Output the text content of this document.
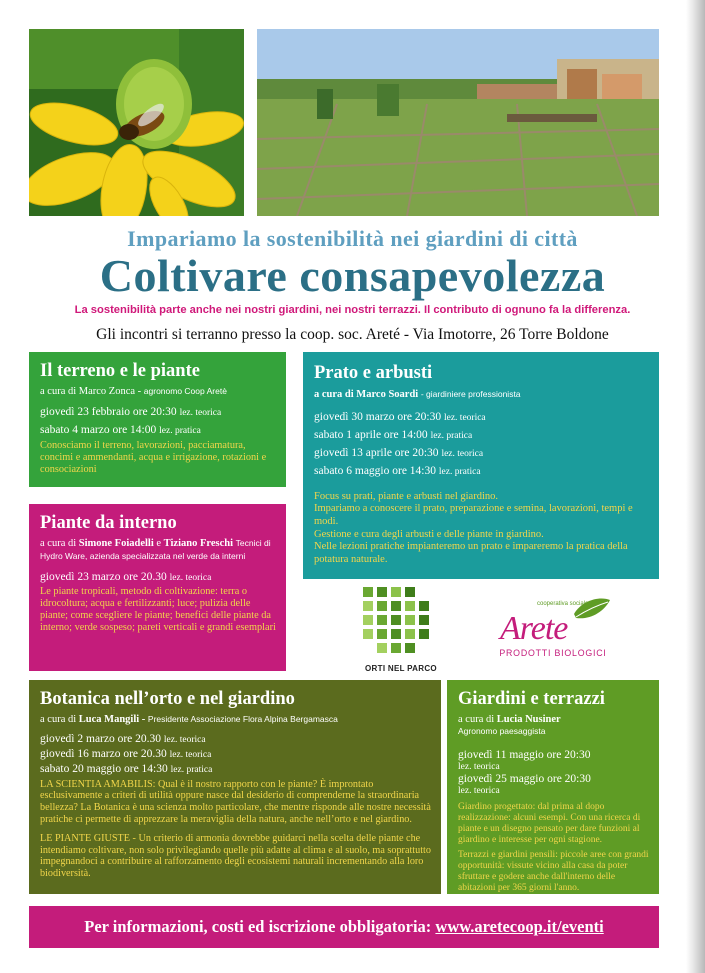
Impariamo la sostenibilità nei giardini di città
Coltivare consapevolezza
La sostenibilità parte anche nei nostri giardini, nei nostri terrazzi. Il contributo di ognuno fa la differenza.
Gli incontri si terranno presso la coop. soc. Areté - Via Imotorre, 26 Torre Boldone
Il terreno e le piante
a cura di Marco Zonca - agronomo Coop Aretè
giovedì 23 febbraio ore 20:30 lez. teorica
sabato 4 marzo ore 14:00 lez. pratica
Conosciamo il terreno, lavorazioni, pacciamatura, concimi e ammendanti, acqua e irrigazione, rotazioni e consociazioni
Prato e arbusti
a cura di Marco Soardi - giardiniere professionista
giovedì 30 marzo ore 20:30 lez. teorica
sabato 1 aprile ore 14:00 lez. pratica
giovedì 13 aprile ore 20:30 lez. teorica
sabato 6 maggio ore 14:30 lez. pratica
Focus su prati, piante e arbusti nel giardino.
Impariamo a conoscere il prato, preparazione e semina, lavorazioni, tempi e modi.
Gestione e cura degli arbusti e delle piante in giardino.
Nelle lezioni pratiche impianteremo un prato e impareremo la pratica della potatura naturale.
Piante da interno
a cura di Simone Foiadelli e Tiziano Freschi Tecnici di Hydro Ware, azienda specializzata nel verde da interni
giovedì 23 marzo ore 20.30 lez. teorica
Le piante tropicali, metodo di coltivazione: terra o idrocoltura; acqua e fertilizzanti; luce; pulizia delle piante; come scegliere le piante; benefici delle piante da interno; verde sospeso; pareti verticali e grandi esemplari
ORTI NEL PARCO
cooperativa sociale
Arete
PRODOTTI BIOLOGICI
Botanica nell’orto e nel giardino
a cura di Luca Mangili - Presidente Associazione Flora Alpina Bergamasca
giovedì 2 marzo ore 20.30 lez. teorica
giovedì 16 marzo ore 20.30 lez. teorica
sabato 20 maggio ore 14:30 lez. pratica
LA SCIENTIA AMABILIS: Qual è il nostro rapporto con le piante? È improntato esclusivamente a criteri di utilità oppure nasce dal desiderio di comprenderne la straordinaria bellezza? La Botanica è una scienza molto particolare, che mentre risponde alle nostre necessità pratiche ci permette di apprezzare la meraviglia della natura, anche nell’orto e nel giardino.
LE PIANTE GIUSTE - Un criterio di armonia dovrebbe guidarci nella scelta delle piante che intendiamo coltivare, non solo privilegiando quelle più adatte al clima e al suolo, ma soprattutto impegnandoci a contribuire al rafforzamento degli ecosistemi naturali incrementando alla loro biodiversità.
Giardini e terrazzi
a cura di Lucia Nusiner
Agronomo paesaggista
giovedì 11 maggio ore 20:30
lez. teorica
giovedì 25 maggio ore 20:30
lez. teorica
Giardino progettato: dal prima al dopo realizzazione: alcuni esempi. Con una ricerca di piante e un disegno pensato per dare funzioni al giardino e interesse per ogni stagione.
Terrazzi e giardini pensili: piccole aree con grandi opportunità: vissute vicino alla casa da poter sfruttare e godere anche dall'interno delle abitazioni per 365 giorni l'anno.
Per informazioni, costi ed iscrizione obbligatoria: www.aretecoop.it/eventi
